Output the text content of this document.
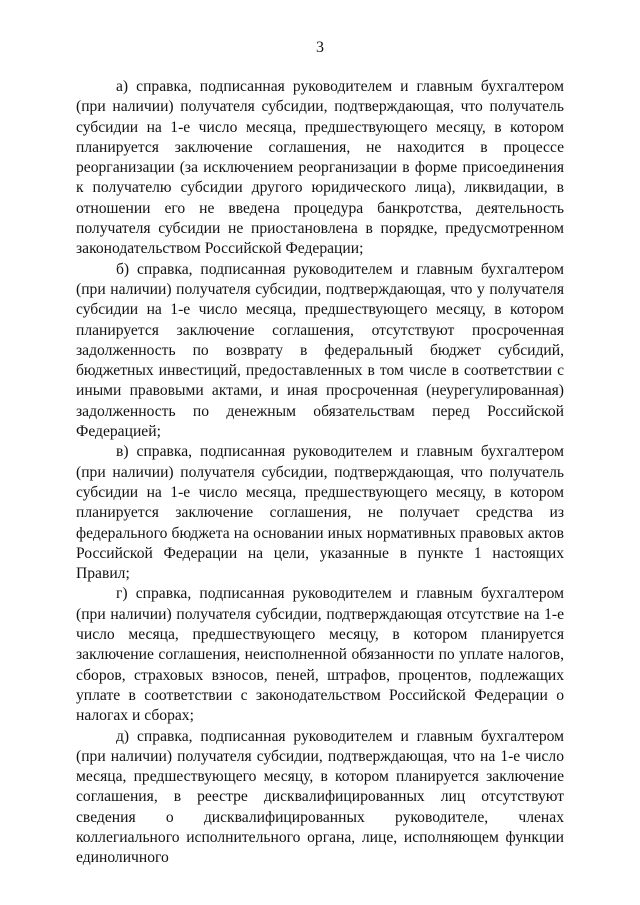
3

а) справка, подписанная руководителем и главным бухгалтером (при наличии) получателя субсидии, подтверждающая, что получатель субсидии на 1-е число месяца, предшествующего месяцу, в котором планируется заключение соглашения, не находится в процессе реорганизации (за исключением реорганизации в форме присоединения к получателю субсидии другого юридического лица), ликвидации, в отношении его не введена процедура банкротства, деятельность получателя субсидии не приостановлена в порядке, предусмотренном законодательством Российской Федерации;

б) справка, подписанная руководителем и главным бухгалтером (при наличии) получателя субсидии, подтверждающая, что у получателя субсидии на 1-е число месяца, предшествующего месяцу, в котором планируется заключение соглашения, отсутствуют просроченная задолженность по возврату в федеральный бюджет субсидий, бюджетных инвестиций, предоставленных в том числе в соответствии с иными правовыми актами, и иная просроченная (неурегулированная) задолженность по денежным обязательствам перед Российской Федерацией;

в) справка, подписанная руководителем и главным бухгалтером (при наличии) получателя субсидии, подтверждающая, что получатель субсидии на 1-е число месяца, предшествующего месяцу, в котором планируется заключение соглашения, не получает средства из федерального бюджета на основании иных нормативных правовых актов Российской Федерации на цели, указанные в пункте 1 настоящих Правил;

г) справка, подписанная руководителем и главным бухгалтером (при наличии) получателя субсидии, подтверждающая отсутствие на 1-е число месяца, предшествующего месяцу, в котором планируется заключение соглашения, неисполненной обязанности по уплате налогов, сборов, страховых взносов, пеней, штрафов, процентов, подлежащих уплате в соответствии с законодательством Российской Федерации о налогах и сборах;

д) справка, подписанная руководителем и главным бухгалтером (при наличии) получателя субсидии, подтверждающая, что на 1-е число месяца, предшествующего месяцу, в котором планируется заключение соглашения, в реестре дисквалифицированных лиц отсутствуют сведения о дисквалифицированных руководителе, членах коллегиального исполнительного органа, лице, исполняющем функции единоличного
